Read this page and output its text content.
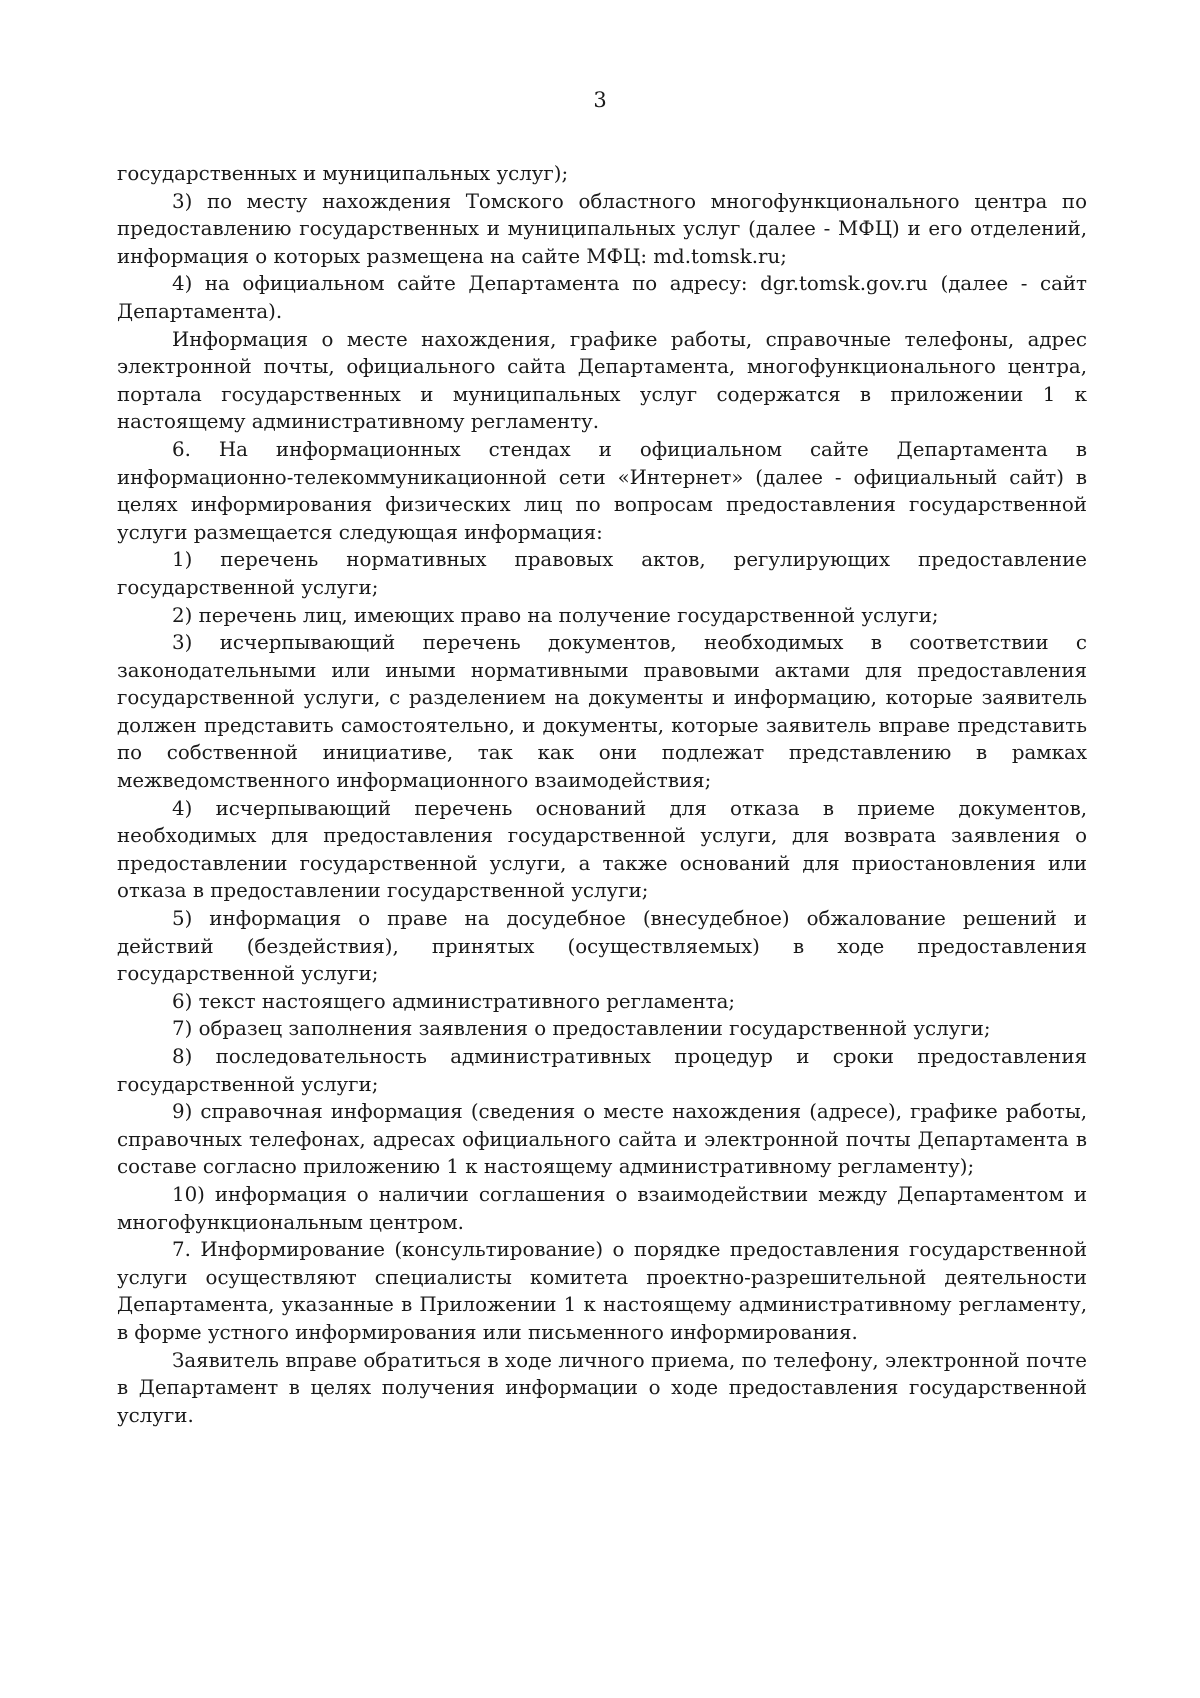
3

государственных и муниципальных услуг);

3) по месту нахождения Томского областного многофункционального центра по предоставлению государственных и муниципальных услуг (далее - МФЦ) и его отделений, информация о которых размещена на сайте МФЦ: md.tomsk.ru;

4) на официальном сайте Департамента по адресу: dgr.tomsk.gov.ru (далее - сайт Департамента).

Информация о месте нахождения, графике работы, справочные телефоны, адрес электронной почты, официального сайта Департамента, многофункционального центра, портала государственных и муниципальных услуг содержатся в приложении 1 к настоящему административному регламенту.

6. На информационных стендах и официальном сайте Департамента в информационно-телекоммуникационной сети «Интернет» (далее - официальный сайт) в целях информирования физических лиц по вопросам предоставления государственной услуги размещается следующая информация:

1) перечень нормативных правовых актов, регулирующих предоставление государственной услуги;

2) перечень лиц, имеющих право на получение государственной услуги;

3) исчерпывающий перечень документов, необходимых в соответствии с законодательными или иными нормативными правовыми актами для предоставления государственной услуги, с разделением на документы и информацию, которые заявитель должен представить самостоятельно, и документы, которые заявитель вправе представить по собственной инициативе, так как они подлежат представлению в рамках межведомственного информационного взаимодействия;

4) исчерпывающий перечень оснований для отказа в приеме документов, необходимых для предоставления государственной услуги, для возврата заявления о предоставлении государственной услуги, а также оснований для приостановления или отказа в предоставлении государственной услуги;

5) информация о праве на досудебное (внесудебное) обжалование решений и действий (бездействия), принятых (осуществляемых) в ходе предоставления государственной услуги;

6) текст настоящего административного регламента;

7) образец заполнения заявления о предоставлении государственной услуги;

8) последовательность административных процедур и сроки предоставления государственной услуги;

9) справочная информация (сведения о месте нахождения (адресе), графике работы, справочных телефонах, адресах официального сайта и электронной почты Департамента в составе согласно приложению 1 к настоящему административному регламенту);

10) информация о наличии соглашения о взаимодействии между Департаментом и многофункциональным центром.

7. Информирование (консультирование) о порядке предоставления государственной услуги осуществляют специалисты комитета проектно-разрешительной деятельности Департамента, указанные в Приложении 1 к настоящему административному регламенту, в форме устного информирования или письменного информирования.

Заявитель вправе обратиться в ходе личного приема, по телефону, электронной почте в Департамент в целях получения информации о ходе предоставления государственной услуги.
